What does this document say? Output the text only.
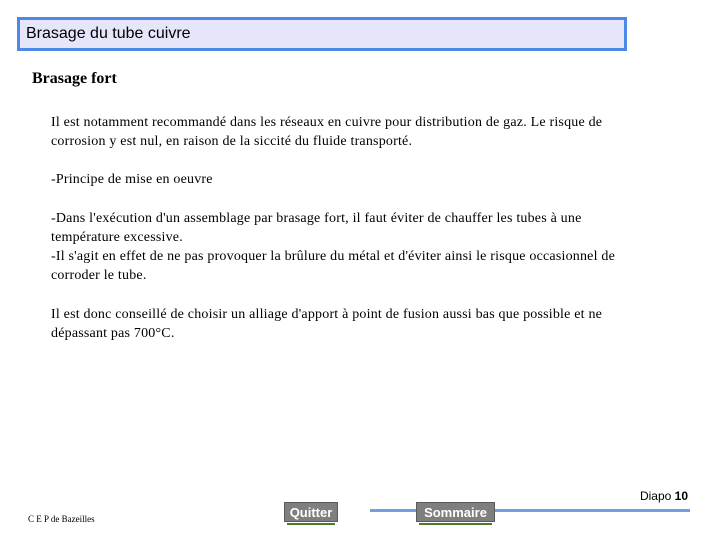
Brasage du tube cuivre
Brasage fort
Il est notamment recommandé dans les réseaux en cuivre pour distribution de gaz. Le risque de corrosion y est nul, en raison de la siccité du fluide transporté.
-Principe de mise en oeuvre
-Dans l'exécution d'un assemblage par brasage fort, il faut éviter de chauffer les tubes à une température excessive.
-Il s'agit en effet de ne pas provoquer la brûlure du métal et d'éviter ainsi le risque occasionnel de corroder le tube.
Il est donc conseillé de choisir un alliage d'apport à point de fusion aussi bas que possible et ne dépassant pas 700°C.
Diapo 10
C E P de Bazeilles	Quitter	Sommaire
